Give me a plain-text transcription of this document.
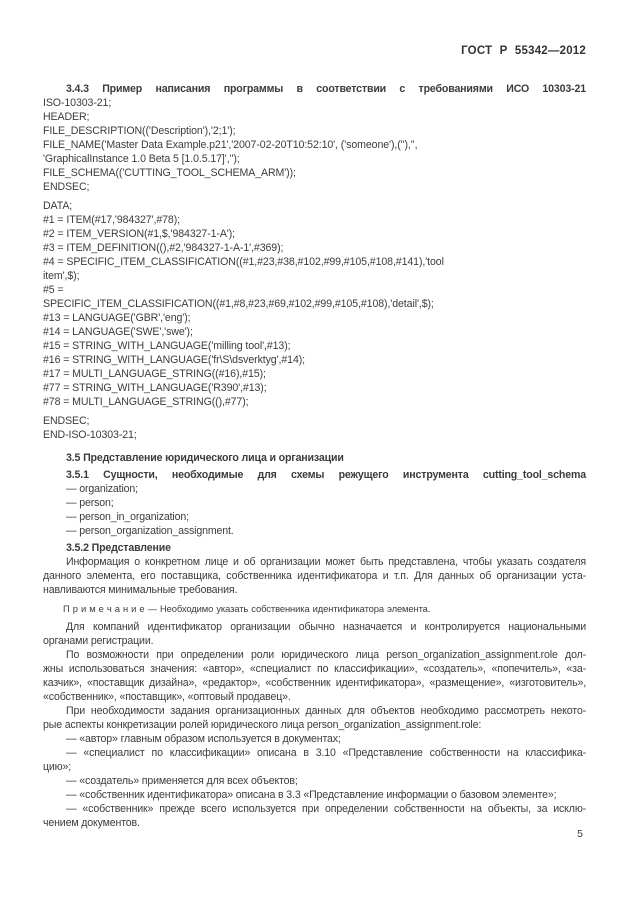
ГОСТ Р 55342—2012
3.4.3 Пример написания программы в соответствии с требованиями ИСО 10303-21
ISO-10303-21;
HEADER;
FILE_DESCRIPTION(('Description'),'2;1');
FILE_NAME('Master Data Example.p21','2007-02-20T10:52:10', ('someone'),(''),'',
'GraphicalInstance 1.0 Beta 5 [1.0.5.17]','');
FILE_SCHEMA(('CUTTING_TOOL_SCHEMA_ARM'));
ENDSEC;
DATA;
#1 = ITEM(#17,'984327',#78);
#2 = ITEM_VERSION(#1,$,'984327-1-A');
#3 = ITEM_DEFINITION((),#2,'984327-1-A-1',#369);
#4 = SPECIFIC_ITEM_CLASSIFICATION((#1,#23,#38,#102,#99,#105,#108,#141),'tool
item',$);
#5 =
SPECIFIC_ITEM_CLASSIFICATION((#1,#8,#23,#69,#102,#99,#105,#108),'detail',$);
#13 = LANGUAGE('GBR','eng');
#14 = LANGUAGE('SWE','swe');
#15 = STRING_WITH_LANGUAGE('milling tool',#13);
#16 = STRING_WITH_LANGUAGE('fr\S\dsverktyg',#14);
#17 = MULTI_LANGUAGE_STRING((#16),#15);
#77 = STRING_WITH_LANGUAGE('R390',#13);
#78 = MULTI_LANGUAGE_STRING((),#77);
ENDSEC;
END-ISO-10303-21;
3.5 Представление юридического лица и организации
3.5.1 Сущности, необходимые для схемы режущего инструмента cutting_tool_schema
— organization;
— person;
— person_in_organization;
— person_organization_assignment.
3.5.2 Представление
Информация о конкретном лице и об организации может быть представлена, чтобы указать создателя
данного элемента, его поставщика, собственника идентификатора и т.п. Для данных об организации уста-
навливаются минимальные требования.
П р и м е ч а н и е — Необходимо указать собственника идентификатора элемента.
Для компаний идентификатор организации обычно назначается и контролируется национальными
органами регистрации.
По возможности при определении роли юридического лица person_organization_assignment.role дол-
жны использоваться значения: «автор», «специалист по классификации», «создатель», «попечитель», «за-
казчик», «поставщик дизайна», «редактор», «собственник идентификатора», «размещение», «изготовитель»,
«собственник», «поставщик», «оптовый продавец».
При необходимости задания организационных данных для объектов необходимо рассмотреть некото-
рые аспекты конкретизации ролей юридического лица person_organization_assignment.role:
— «автор» главным образом используется в документах;
— «специалист по классификации» описана в 3.10 «Представление собственности на классифика-
цию»;
— «создатель» применяется для всех объектов;
— «собственник идентификатора» описана в 3.3 «Представление информации о базовом элементе»;
— «собственник» прежде всего используется при определении собственности на объекты, за исклю-
чением документов.
5
